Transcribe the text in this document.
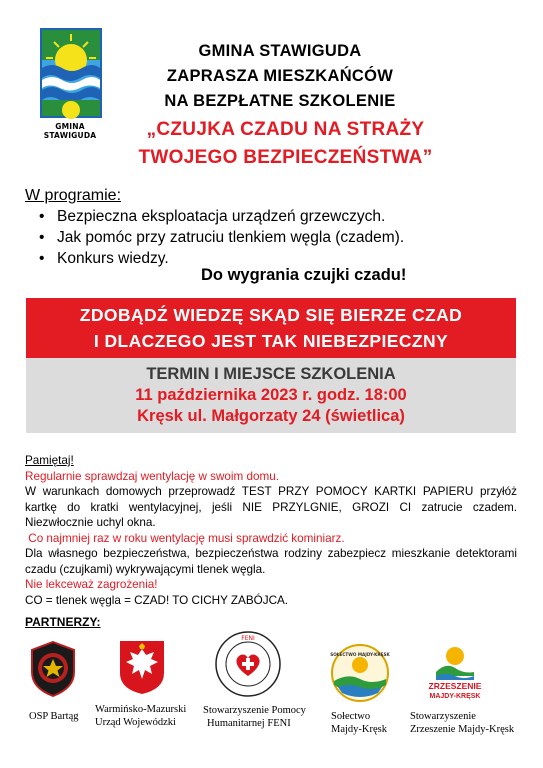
GMINA STAWIGUDA
GMINA STAWIGUDA
ZAPRASZA MIESZKAŃCÓW
NA BEZPŁATNE SZKOLENIE
„CZUJKA CZADU NA STRAŻY
TWOJEGO BEZPIECZEŃSTWA”
W programie:
• Bezpieczna eksploatacja urządzeń grzewczych.
• Jak pomóc przy zatruciu tlenkiem węgla (czadem).
• Konkurs wiedzy.
Do wygrania czujki czadu!
ZDOBĄDŹ WIEDZĘ SKĄD SIĘ BIERZE CZAD
I DLACZEGO JEST TAK NIEBEZPIECZNY
TERMIN I MIEJSCE SZKOLENIA
11 października 2023 r. godz. 18:00
Kręsk ul. Małgorzaty 24 (świetlica)

Pamiętaj!

Regularnie sprawdzaj wentylację w swoim domu.

W warunkach domowych przeprowadź TEST PRZY POMOCY KARTKI PAPIERU przyłóż kartkę do kratki wentylacyjnej, jeśli NIE PRZYLGNIE, GROZI CI zatrucie czadem. Niezwłocznie uchyl okna.

Co najmniej raz w roku wentylację musi sprawdzić kominiarz.

Dla własnego bezpieczeństwa, bezpieczeństwa rodziny zabezpiecz mieszkanie detektorami czadu (czujkami) wykrywającymi tlenek węgla.

Nie lekceważ zagrożenia!

CO = tlenek węgla = CZAD! TO CICHY ZABÓJCA.

PARTNERZY:
OSP Bartąg
Warmińsko-Mazurski
Urząd Wojewódzki
FENI
Stowarzyszenie Pomocy
Humanitarnej FENI
SOŁECTWO MAJDY-KRĘSK
Sołectwo
Majdy-Kręsk
ZRZESZENIE
MAJDY-KRĘSK
Stowarzyszenie
Zrzeszenie Majdy-Kręsk
